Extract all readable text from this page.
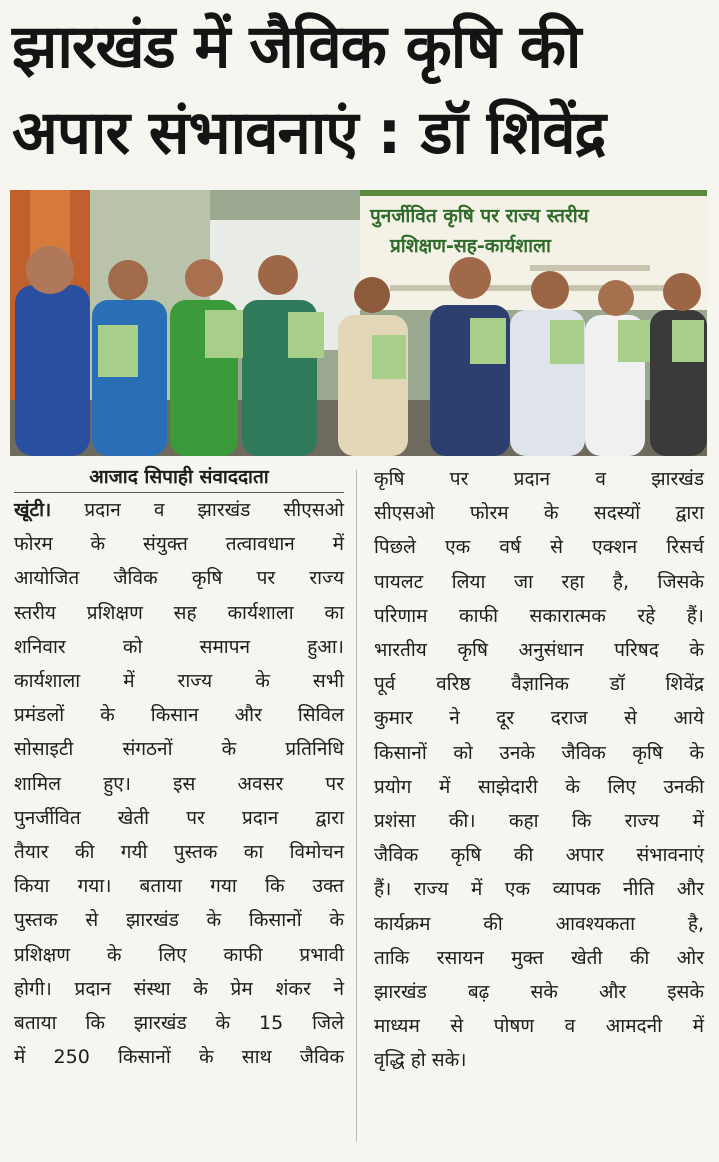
झारखंड में जैविक कृषि की
अपार संभावनाएं : डॉ शिवेंद्र
पुनर्जीवित कृषि पर राज्य स्तरीय
प्रशिक्षण-सह-कार्यशाला

आजाद सिपाही संवाददाता

खूंटी। प्रदान व झारखंड सीएसओ
फोरम के संयुक्त तत्वावधान में
आयोजित जैविक कृषि पर राज्य
स्तरीय प्रशिक्षण सह कार्यशाला का
शनिवार को समापन हुआ।
कार्यशाला में राज्य के सभी
प्रमंडलों के किसान और सिविल
सोसाइटी संगठनों के प्रतिनिधि
शामिल हुए। इस अवसर पर
पुनर्जीवित खेती पर प्रदान द्वारा
तैयार की गयी पुस्तक का विमोचन
किया गया। बताया गया कि उक्त
पुस्तक से झारखंड के किसानों के
प्रशिक्षण के लिए काफी प्रभावी
होगी। प्रदान संस्था के प्रेम शंकर ने
बताया कि झारखंड के 15 जिले
में 250 किसानों के साथ जैविक

कृषि पर प्रदान व झारखंड
सीएसओ फोरम के सदस्यों द्वारा
पिछले एक वर्ष से एक्शन रिसर्च
पायलट लिया जा रहा है, जिसके
परिणाम काफी सकारात्मक रहे हैं।
भारतीय कृषि अनुसंधान परिषद के
पूर्व वरिष्ठ वैज्ञानिक डॉ शिवेंद्र
कुमार ने दूर दराज से आये
किसानों को उनके जैविक कृषि के
प्रयोग में साझेदारी के लिए उनकी
प्रशंसा की। कहा कि राज्य में
जैविक कृषि की अपार संभावनाएं
हैं। राज्य में एक व्यापक नीति और
कार्यक्रम की आवश्यकता है,
ताकि रसायन मुक्त खेती की ओर
झारखंड बढ़ सके और इसके
माध्यम से पोषण व आमदनी में
वृद्धि हो सके।
